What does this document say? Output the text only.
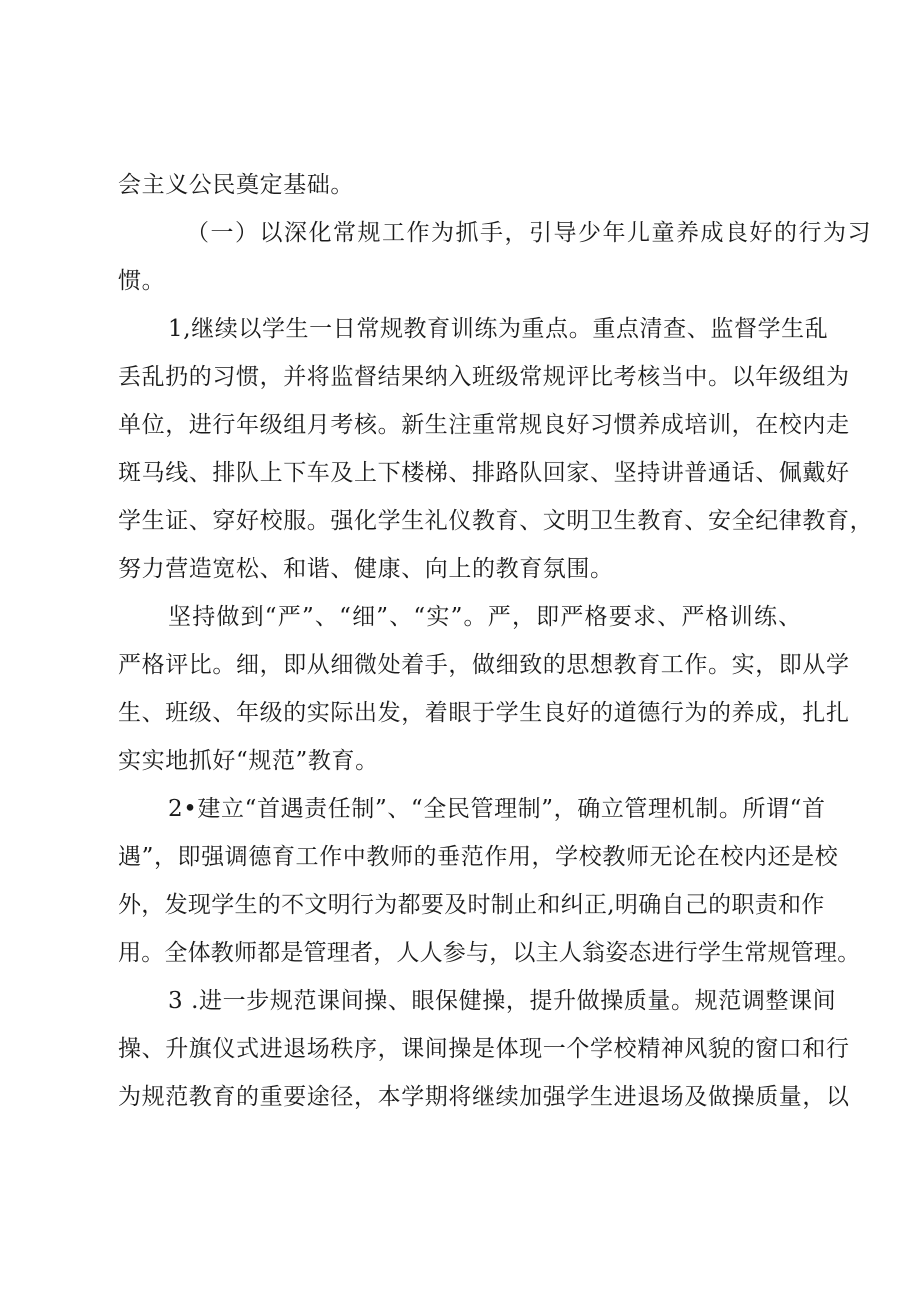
会主义公民奠定基础。
（一）以深化常规工作为抓手，引导少年儿童养成良好的行为习
惯。
1,继续以学生一日常规教育训练为重点。重点清查、监督学生乱
丢乱扔的习惯，并将监督结果纳入班级常规评比考核当中。以年级组为
单位，进行年级组月考核。新生注重常规良好习惯养成培训，在校内走
斑马线、排队上下车及上下楼梯、排路队回家、坚持讲普通话、佩戴好
学生证、穿好校服。强化学生礼仪教育、文明卫生教育、安全纪律教育，
努力营造宽松、和谐、健康、向上的教育氛围。
坚持做到“严”、“细”、“实”。严，即严格要求、严格训练、
严格评比。细，即从细微处着手，做细致的思想教育工作。实，即从学
生、班级、年级的实际出发，着眼于学生良好的道德行为的养成，扎扎
实实地抓好“规范”教育。
2•建立“首遇责任制”、“全民管理制”，确立管理机制。所谓“首
遇”，即强调德育工作中教师的垂范作用，学校教师无论在校内还是校
外，发现学生的不文明行为都要及时制止和纠正,明确自己的职责和作
用。全体教师都是管理者，人人参与，以主人翁姿态进行学生常规管理。
3 .进一步规范课间操、眼保健操，提升做操质量。规范调整课间
操、升旗仪式进退场秩序，课间操是体现一个学校精神风貌的窗口和行
为规范教育的重要途径，本学期将继续加强学生进退场及做操质量，以
